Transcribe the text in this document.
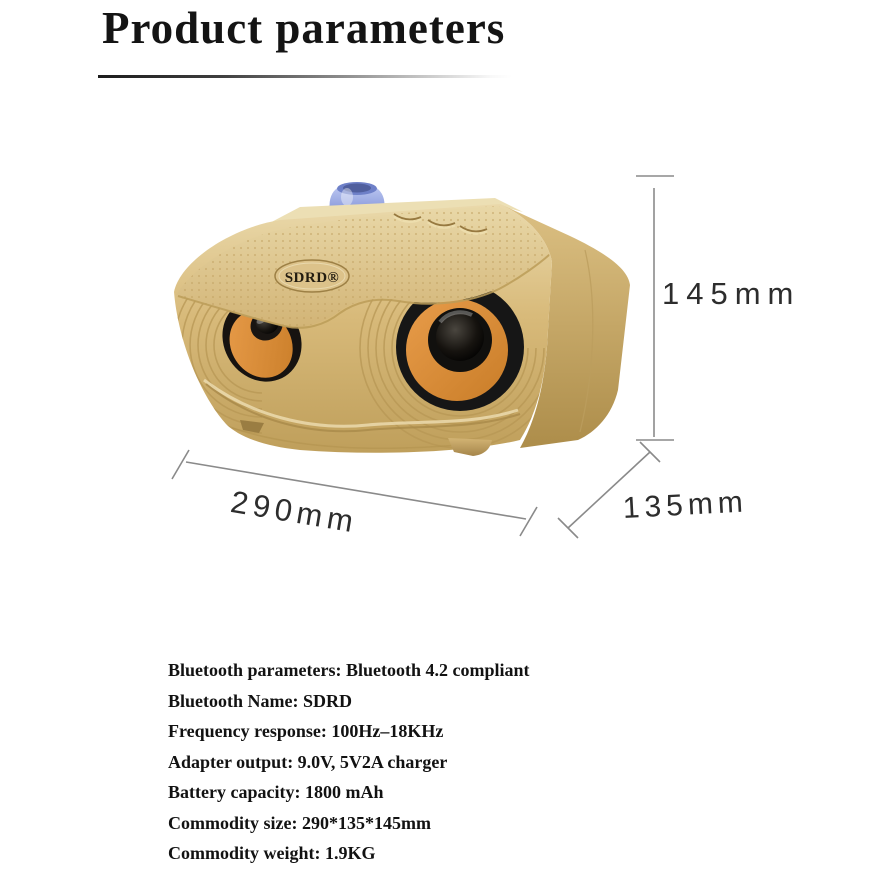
Product parameters
SDRD®	145mm
290mm	135mm

Bluetooth parameters: Bluetooth 4.2 compliant

Bluetooth Name: SDRD

Frequency response: 100Hz–18KHz

Adapter output: 9.0V, 5V2A charger

Battery capacity: 1800 mAh

Commodity size: 290*135*145mm

Commodity weight: 1.9KG
